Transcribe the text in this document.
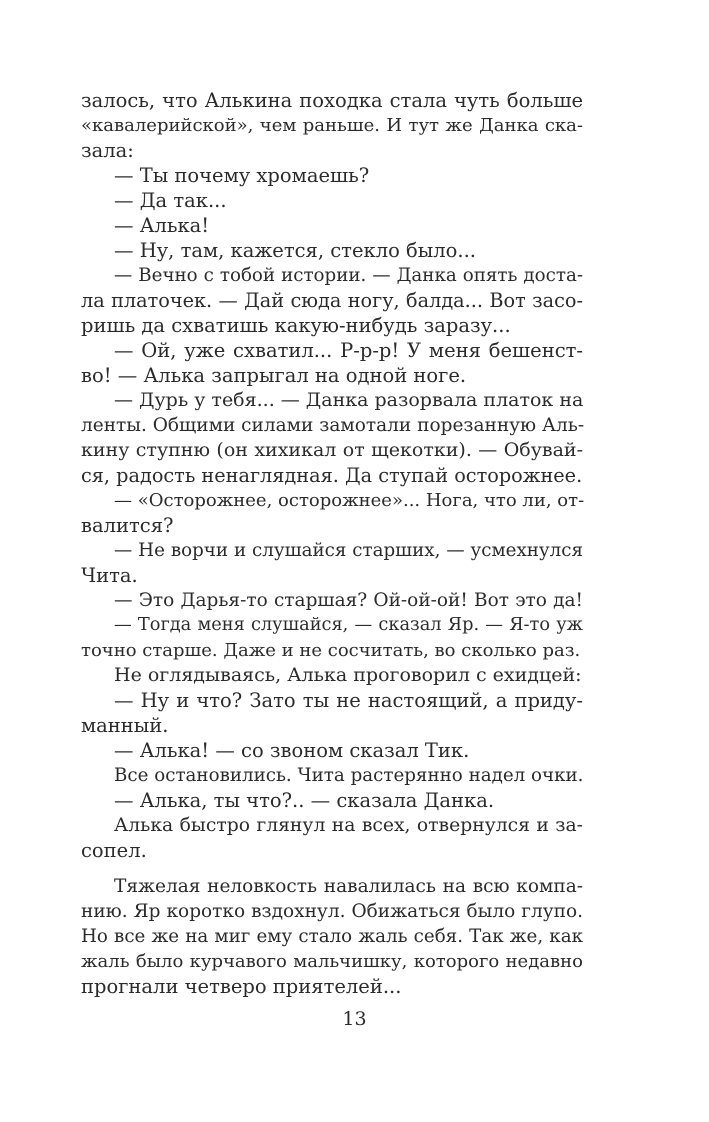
залось, что Алькина походка стала чуть больше
«кавалерийской», чем раньше. И тут же Данка ска-
зала:
— Ты почему хромаешь?
— Да так...
— Алька!
— Ну, там, кажется, стекло было...
— Вечно с тобой истории. — Данка опять доста-
ла платочек. — Дай сюда ногу, балда... Вот засо-
ришь да схватишь какую-нибудь заразу...
— Ой, уже схватил... Р-р-р! У меня бешенст-
во! — Алька запрыгал на одной ноге.
— Дурь у тебя... — Данка разорвала платок на
ленты. Общими силами замотали порезанную Аль-
кину ступню (он хихикал от щекотки). — Обувай-
ся, радость ненаглядная. Да ступай осторожнее.
— «Осторожнее, осторожнее»... Нога, что ли, от-
валится?
— Не ворчи и слушайся старших, — усмехнулся
Чита.
— Это Дарья-то старшая? Ой-ой-ой! Вот это да!
— Тогда меня слушайся, — сказал Яр. — Я-то уж
точно старше. Даже и не сосчитать, во сколько раз.
Не оглядываясь, Алька проговорил с ехидцей:
— Ну и что? Зато ты не настоящий, а приду-
манный.
— Алька! — со звоном сказал Тик.
Все остановились. Чита растерянно надел очки.
— Алька, ты что?.. — сказала Данка.
Алька быстро глянул на всех, отвернулся и за-
сопел.
Тяжелая неловкость навалилась на всю компа-
нию. Яр коротко вздохнул. Обижаться было глупо.
Но все же на миг ему стало жаль себя. Так же, как
жаль было курчавого мальчишку, которого недавно
прогнали четверо приятелей...
13
